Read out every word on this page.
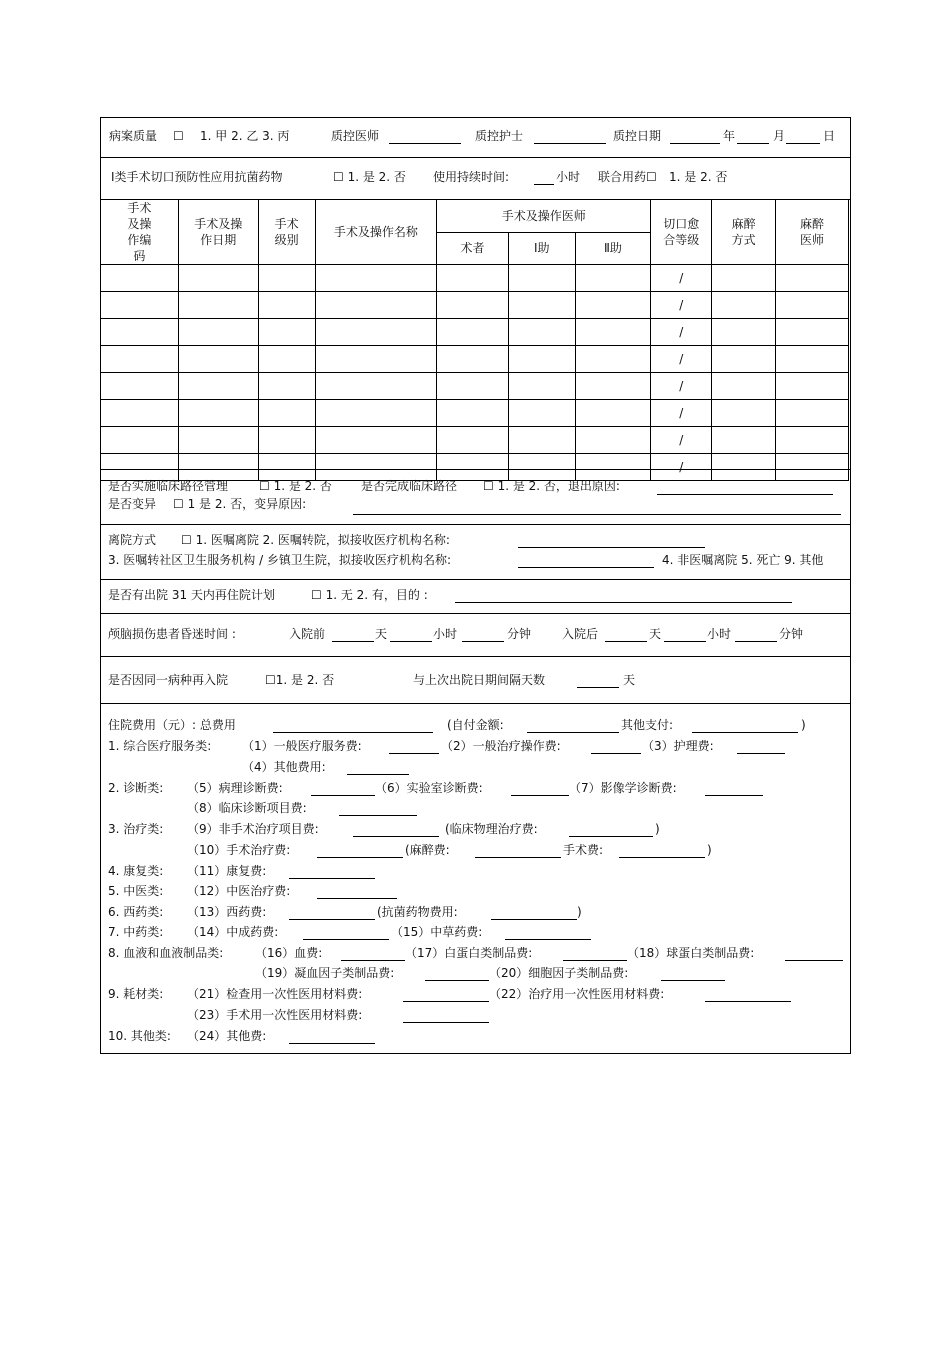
病案质量 ☐ 1. 甲 2. 乙 3. 丙	质控医师	质控护士	质控日期	年	月	日
Ⅰ类手术切口预防性应用抗菌药物	☐ 1. 是 2. 否 使用持续时间:	小时 联合用药☐ 1. 是 2. 否
手术及操作编码	手术及操作日期	手术级别	手术及操作名称	手术及操作医师			切口愈合等级	麻醉方式	麻醉医师

				术者	Ⅰ助	Ⅱ助			
							/		
							/		
							/		
							/		
							/		
							/		
							/		
							/		
是否实施临床路径管理	☐ 1. 是 2. 否 是否完成临床路径 ☐ 1. 是 2. 否，退出原因:
是否变异 ☐ 1 是 2. 否，变异原因:
离院方式 ☐ 1. 医嘱离院 2. 医嘱转院，拟接收医疗机构名称:
3. 医嘱转社区卫生服务机构 / 乡镇卫生院，拟接收医疗机构名称:	4. 非医嘱离院 5. 死亡 9. 其他
是否有出院 31 天内再住院计划	☐ 1. 无 2. 有，目的 :
颅脑损伤患者昏迷时间 :	入院前	天	小时	分钟	入院后	天	小时	分钟
是否因同一病种再入院	☐1. 是 2. 否	与上次出院日期间隔天数	天
住院费用（元）: 总费用	(自付金额:	其他支付:	)
1. 综合医疗服务类:	（1）一般医疗服务费:	（2）一般治疗操作费:	（3）护理费:
（4）其他费用:
2. 诊断类: （5）病理诊断费:	（6）实验室诊断费:	（7）影像学诊断费:
（8）临床诊断项目费:
3. 治疗类: （9）非手术治疗项目费:	(临床物理治疗费:	)
（10）手术治疗费:	(麻醉费:	手术费:	)
4. 康复类: （11）康复费:
5. 中医类: （12）中医治疗费:
6. 西药类: （13）西药费:	(抗菌药物费用:	)
7. 中药类: （14）中成药费:	（15）中草药费:
8. 血液和血液制品类:	（16）血费:	（17）白蛋白类制品费:	（18）球蛋白类制品费:
（19）凝血因子类制品费:	（20）细胞因子类制品费:
9. 耗材类: （21）检查用一次性医用材料费:	（22）治疗用一次性医用材料费:
（23）手术用一次性医用材料费:
10. 其他类: （24）其他费:
